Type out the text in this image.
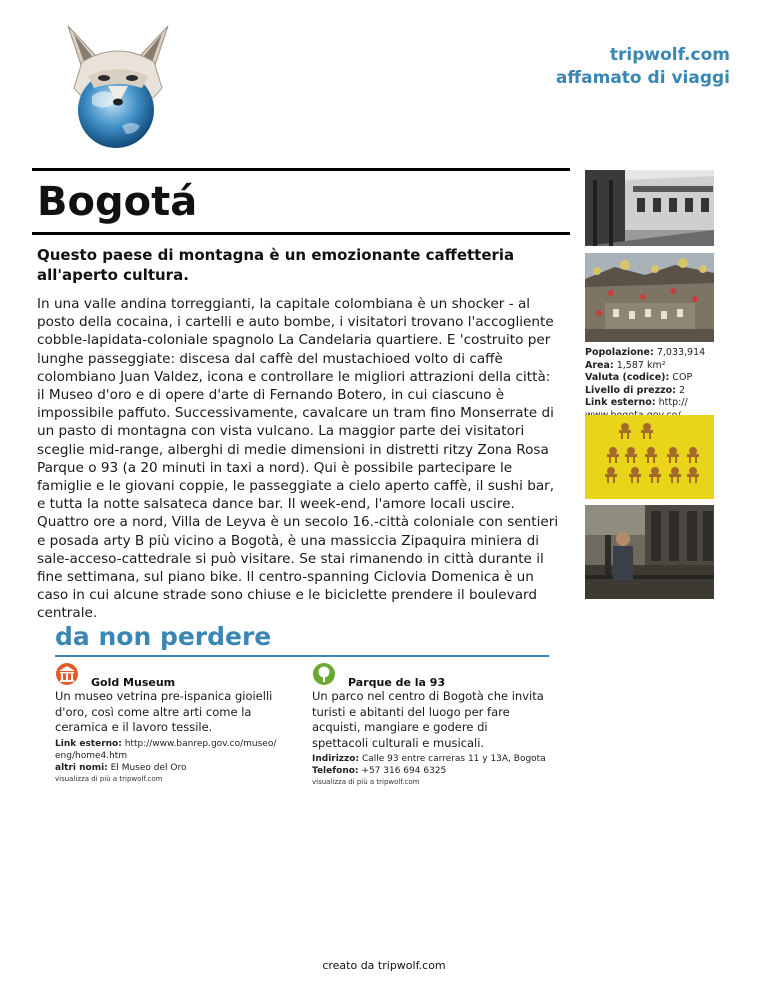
tripwolf.com
affamato di viaggi
Bogotá

Questo paese di montagna è un emozionante caffetteria all'aperto cultura.

In una valle andina torreggianti, la capitale colombiana è un shocker - al posto della cocaina, i cartelli e auto bombe, i visitatori trovano l'accogliente cobble-lapidata-coloniale spagnolo La Candelaria quartiere. E 'costruito per lunghe passeggiate: discesa dal caffè del mustachioed volto di caffè colombiano Juan Valdez, icona e controllare le migliori attrazioni della città: il Museo d'oro e di opere d'arte di Fernando Botero, in cui ciascuno è impossibile paffuto. Successivamente, cavalcare un tram fino Monserrate di un pasto di montagna con vista vulcano. La maggior parte dei visitatori sceglie mid-range, alberghi di medie dimensioni in distretti ritzy Zona Rosa Parque o 93 (a 20 minuti in taxi a nord). Qui è possibile partecipare le famiglie e le giovani coppie, le passeggiate a cielo aperto caffè, il sushi bar, e tutta la notte salsateca dance bar. Il week-end, l'amore locali uscire. Quattro ore a nord, Villa de Leyva è un secolo 16.-città coloniale con sentieri e posada arty B più vicino a Bogotà, è una massiccia Zipaquira miniera di sale-acceso-cattedrale si può visitare. Se stai rimanendo in città durante il fine settimana, sul piano bike. Il centro-spanning Ciclovia Domenica è un caso in cui alcune strade sono chiuse e le biciclette prendere il boulevard centrale.

Popolazione: 7,033,914
Area: 1,587 km²
Valuta (codice): COP
Livello di prezzo: 2
Link esterno: http://
da non perdere
Gold Museum

Un museo vetrina pre-ispanica gioielli d'oro, così come altre arti come la ceramica e il lavoro tessile.

Link esterno: http://www.banrep.gov.co/museo/ eng/home4.htm
altri nomi: El Museo del Oro
visualizza di più a tripwolf.com
Parque de la 93

Un parco nel centro di Bogotà che invita turisti e abitanti del luogo per fare acquisti, mangiare e godere di spettacoli culturali e musicali.

Indirizzo: Calle 93 entre carreras 11 y 13A, Bogota
Telefono: +57 316 694 6325
visualizza di più a tripwolf.com
creato da tripwolf.com
